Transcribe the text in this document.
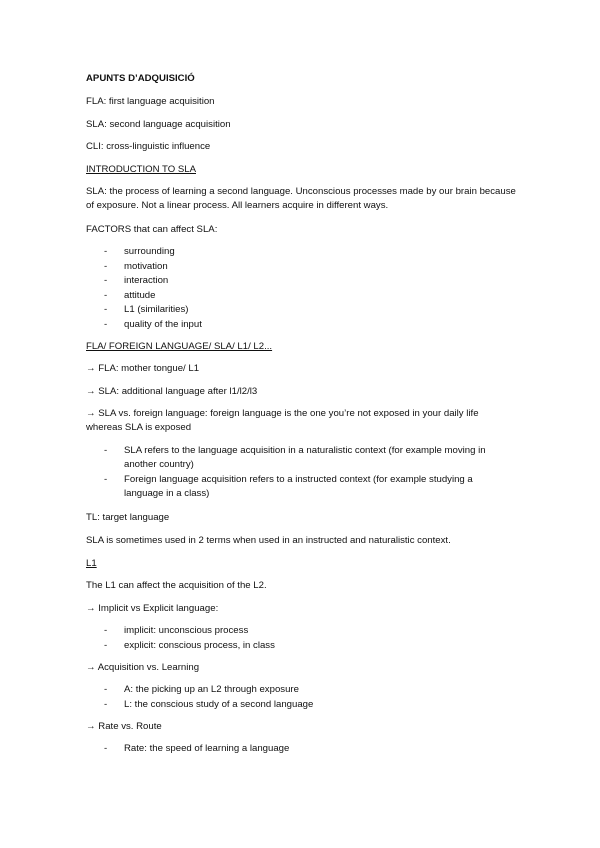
APUNTS D’ADQUISICIÓ

FLA: first language acquisition

SLA: second language acquisition

CLI: cross-linguistic influence

INTRODUCTION TO SLA

SLA: the process of learning a second language. Unconscious processes made by our brain because of exposure. Not a linear process. All learners acquire in different ways.

FACTORS that can affect SLA:

- surrounding
- motivation
- interaction
- attitude
- L1 (similarities)
- quality of the input

FLA/ FOREIGN LANGUAGE/ SLA/ L1/ L2...

→ FLA: mother tongue/ L1

→ SLA: additional language after l1/l2/l3

→ SLA vs. foreign language: foreign language is the one you’re not exposed in your daily life whereas SLA is exposed

- SLA refers to the language acquisition in a naturalistic context (for example moving in another country)
- Foreign language acquisition refers to a instructed context (for example studying a language in a class)

TL: target language

SLA is sometimes used in 2 terms when used in an instructed and naturalistic context.

L1

The L1 can affect the acquisition of the L2.

→ Implicit vs Explicit language:

- implicit: unconscious process
- explicit: conscious process, in class

→ Acquisition vs. Learning

- A: the picking up an L2 through exposure
- L: the conscious study of a second language

→ Rate vs. Route

- Rate: the speed of learning a language
